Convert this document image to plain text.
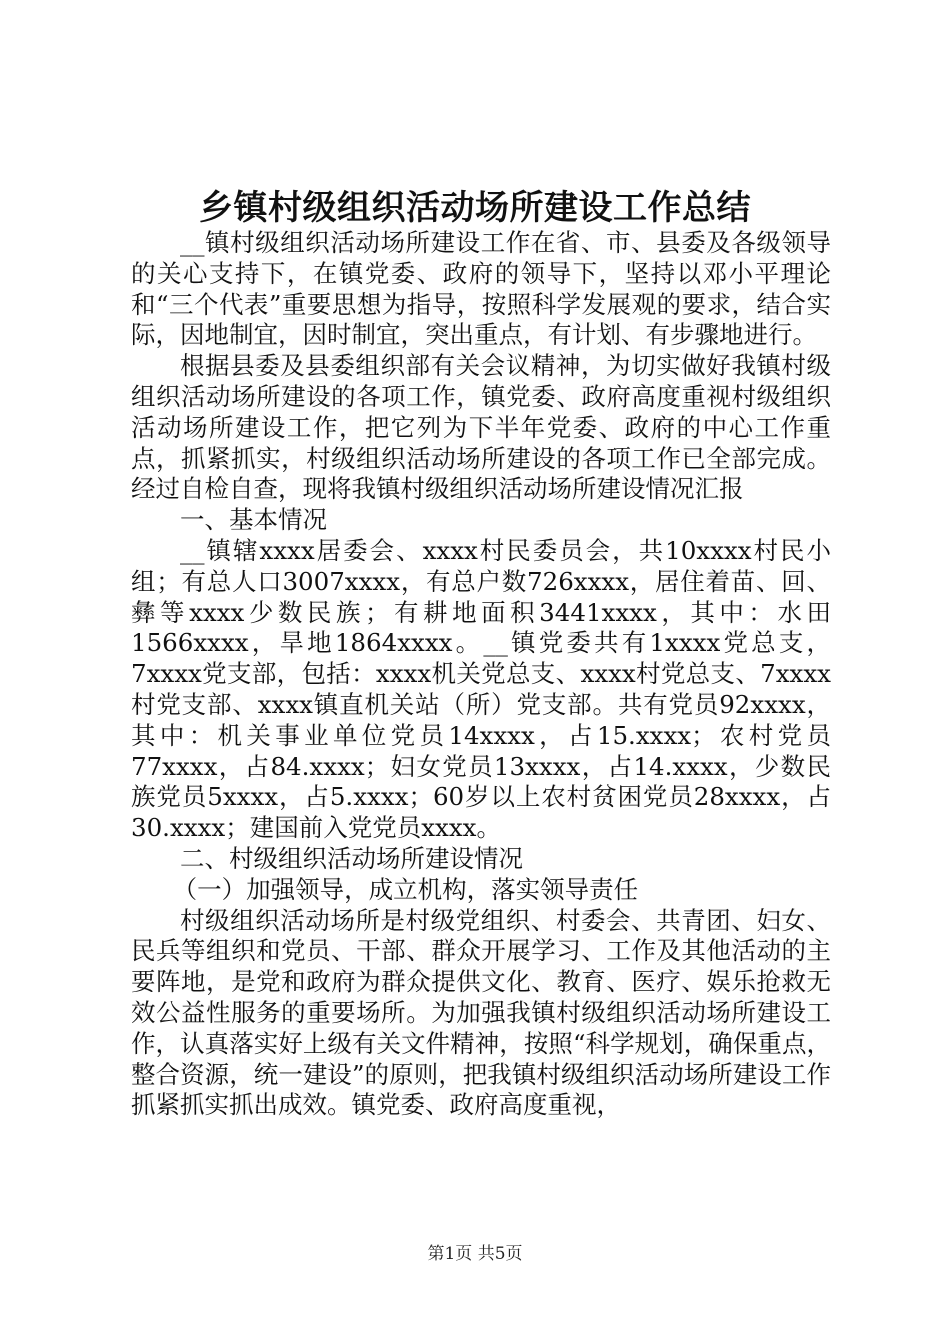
乡镇村级组织活动场所建设工作总结

__镇村级组织活动场所建设工作在省、市、县委及各级领导的关心支持下，在镇党委、政府的领导下，坚持以邓小平理论和“三个代表”重要思想为指导，按照科学发展观的要求，结合实际，因地制宜，因时制宜，突出重点，有计划、有步骤地进行。

根据县委及县委组织部有关会议精神，为切实做好我镇村级组织活动场所建设的各项工作，镇党委、政府高度重视村级组织活动场所建设工作，把它列为下半年党委、政府的中心工作重点，抓紧抓实，村级组织活动场所建设的各项工作已全部完成。经过自检自查，现将我镇村级组织活动场所建设情况汇报

一、基本情况

__镇辖xxxx居委会、xxxx村民委员会，共10xxxx村民小组；有总人口3007xxxx，有总户数726xxxx，居住着苗、回、彝等xxxx少数民族；有耕地面积3441xxxx，其中：水田1566xxxx，旱地1864xxxx。__镇党委共有1xxxx党总支，7xxxx党支部，包括：xxxx机关党总支、xxxx村党总支、7xxxx村党支部、xxxx镇直机关站（所）党支部。共有党员92xxxx，其中：机关事业单位党员14xxxx，占15.xxxx；农村党员77xxxx，占84.xxxx；妇女党员13xxxx，占14.xxxx，少数民族党员5xxxx，占5.xxxx；60岁以上农村贫困党员28xxxx，占30.xxxx；建国前入党党员xxxx。

二、村级组织活动场所建设情况

（一）加强领导，成立机构，落实领导责任

村级组织活动场所是村级党组织、村委会、共青团、妇女、民兵等组织和党员、干部、群众开展学习、工作及其他活动的主要阵地，是党和政府为群众提供文化、教育、医疗、娱乐抢救无效公益性服务的重要场所。为加强我镇村级组织活动场所建设工作，认真落实好上级有关文件精神，按照“科学规划，确保重点，整合资源，统一建设”的原则，把我镇村级组织活动场所建设工作抓紧抓实抓出成效。镇党委、政府高度重视，

第1页 共5页
